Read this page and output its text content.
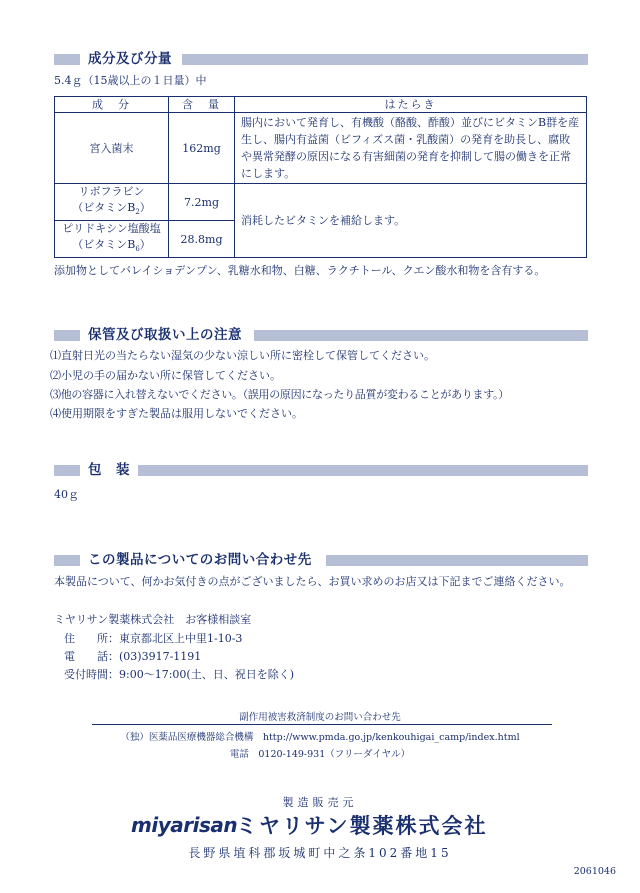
成分及び分量
5.4ｇ（15歳以上の１日量）中
成　分	含　量	はたらき
宮入菌末	162mg	腸内において発育し、有機酸（酪酸、酢酸）並びにビタミンB群を産生し、腸内有益菌（ビフィズス菌・乳酸菌）の発育を助長し、腐敗や異常発酵の原因になる有害細菌の発育を抑制して腸の働きを正常にします。
リボフラビン
（ビタミン$B_2$）	7.2mg	消耗したビタミンを補給します。
ピリドキシン塩酸塩
（ビタミン$B_6$）	28.8mg	
添加物としてバレイショデンプン、乳糖水和物、白糖、ラクチトール、クエン酸水和物を含有する。
保管及び取扱い上の注意
⑴直射日光の当たらない湿気の少ない涼しい所に密栓して保管してください。
⑵小児の手の届かない所に保管してください。
⑶他の容器に入れ替えないでください。（誤用の原因になったり品質が変わることがあります。）
⑷使用期限をすぎた製品は服用しないでください。
包　装
40ｇ
この製品についてのお問い合わせ先
本製品について、何かお気付きの点がございましたら、お買い求めのお店又は下記までご連絡ください。
ミヤリサン製薬株式会社　お客様相談室
住　　所：東京都北区上中里1-10-3
電　　話：(03)3917-1191
受付時間：9:00〜17:00(土、日、祝日を除く)
副作用被害救済制度のお問い合わせ先
（独）医薬品医療機器総合機構　http://www.pmda.go.jp/kenkouhigai_camp/index.html
電話　0120-149-931（フリーダイヤル）
製造販売元
miyarisan
ミヤリサン製薬株式会社
長野県埴科郡坂城町中之条102番地15
2061046
